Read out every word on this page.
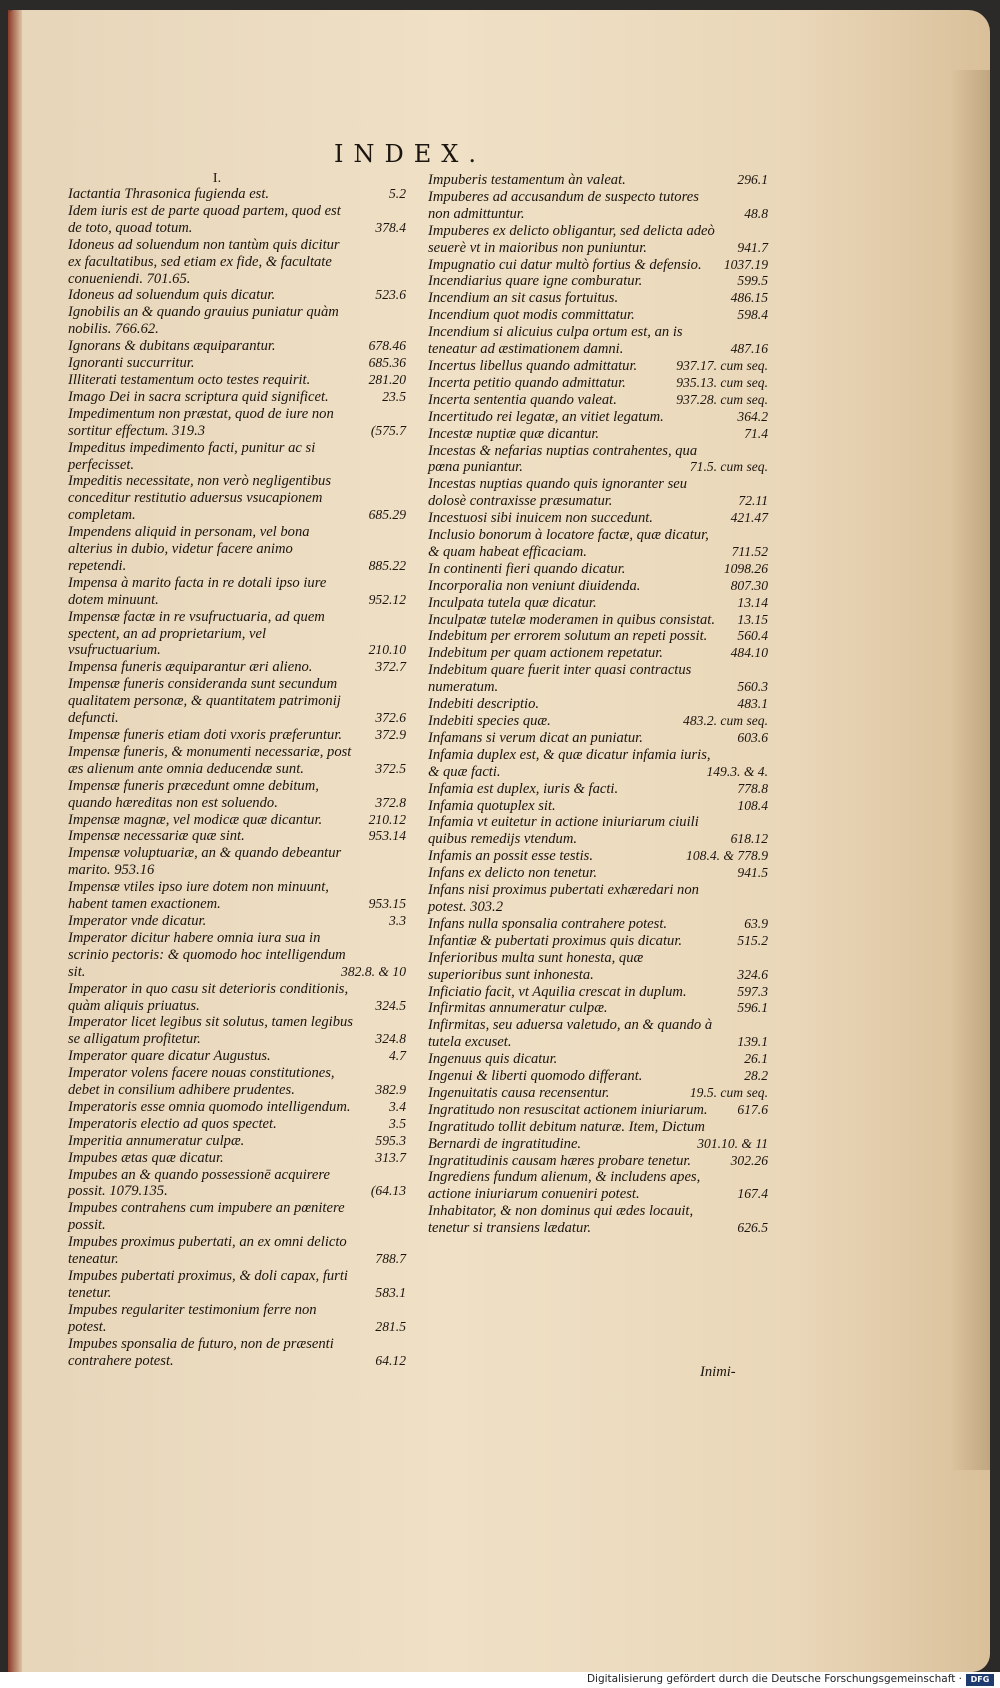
INDEX.
I.
Iactantia Thrasonica fugienda est.	5.2
Idem iuris est de parte quoad partem, quod est de toto, quoad totum.	378.4
Idoneus ad soluendum non tantùm quis dicitur ex facultatibus, sed etiam ex fide, & facultate conueniendi. 701.65.
Idoneus ad soluendum quis dicatur.	523.6
Ignobilis an & quando grauius puniatur quàm nobilis. 766.62.
Ignorans & dubitans æquiparantur.	678.46
Ignoranti succurritur.	685.36
Illiterati testamentum octo testes requirit.	281.20
Imago Dei in sacra scriptura quid significet.	23.5
Impedimentum non præstat, quod de iure non sortitur effectum. 319.3	(575.7
Impeditus impedimento facti, punitur ac si perfecisset.
Impeditis necessitate, non verò negligentibus conceditur restitutio aduersus vsucapionem completam.	685.29
Impendens aliquid in personam, vel bona alterius in dubio, videtur facere animo repetendi.	885.22
Impensa à marito facta in re dotali ipso iure dotem minuunt.	952.12
Impensæ factæ in re vsufructuaria, ad quem spectent, an ad proprietarium, vel vsufructuarium.	210.10
Impensa funeris æquiparantur æri alieno.	372.7
Impensæ funeris consideranda sunt secundum qualitatem personæ, & quantitatem patrimonij defuncti.	372.6
Impensæ funeris etiam doti vxoris præferuntur.	372.9
Impensæ funeris, & monumenti necessariæ, post æs alienum ante omnia deducendæ sunt.	372.5
Impensæ funeris præcedunt omne debitum, quando hæreditas non est soluendo.	372.8
Impensæ magnæ, vel modicæ quæ dicantur.	210.12
Impensæ necessariæ quæ sint.	953.14
Impensæ voluptuariæ, an & quando debeantur marito. 953.16
Impensæ vtiles ipso iure dotem non minuunt, habent tamen exactionem.	953.15
Imperator vnde dicatur.	3.3
Imperator dicitur habere omnia iura sua in scrinio pectoris: & quomodo hoc intelligendum sit.	382.8. & 10
Imperator in quo casu sit deterioris conditionis, quàm aliquis priuatus.	324.5
Imperator licet legibus sit solutus, tamen legibus se alligatum profitetur.	324.8
Imperator quare dicatur Augustus.	4.7
Imperator volens facere nouas constitutiones, debet in consilium adhibere prudentes.	382.9
Imperatoris esse omnia quomodo intelligendum.	3.4
Imperatoris electio ad quos spectet.	3.5
Imperitia annumeratur culpæ.	595.3
Impubes ætas quæ dicatur.	313.7
Impubes an & quando possessionē acquirere possit. 1079.135.	(64.13
Impubes contrahens cum impubere an pœnitere possit.
Impubes proximus pubertati, an ex omni delicto teneatur.	788.7
Impubes pubertati proximus, & doli capax, furti tenetur.	583.1
Impubes regulariter testimonium ferre non potest.	281.5
Impubes sponsalia de futuro, non de præsenti contrahere potest.	64.12
Impuberis testamentum àn valeat.	296.1
Impuberes ad accusandum de suspecto tutores non admittuntur.	48.8
Impuberes ex delicto obligantur, sed delicta adeò seuerè vt in maioribus non puniuntur.	941.7
Impugnatio cui datur multò fortius & defensio.	1037.19
Incendiarius quare igne comburatur.	599.5
Incendium an sit casus fortuitus.	486.15
Incendium quot modis committatur.	598.4
Incendium si alicuius culpa ortum est, an is teneatur ad æstimationem damni.	487.16
Incertus libellus quando admittatur.	937.17. cum seq.
Incerta petitio quando admittatur.	935.13. cum seq.
Incerta sententia quando valeat.	937.28. cum seq.
Incertitudo rei legatæ, an vitiet legatum.	364.2
Incestæ nuptiæ quæ dicantur.	71.4
Incestas & nefarias nuptias contrahentes, qua pœna puniantur.	71.5. cum seq.
Incestas nuptias quando quis ignoranter seu dolosè contraxisse præsumatur.	72.11
Incestuosi sibi inuicem non succedunt.	421.47
Inclusio bonorum à locatore factæ, quæ dicatur, & quam habeat efficaciam.	711.52
In continenti fieri quando dicatur.	1098.26
Incorporalia non veniunt diuidenda.	807.30
Inculpata tutela quæ dicatur.	13.14
Inculpatæ tutelæ moderamen in quibus consistat.	13.15
Indebitum per errorem solutum an repeti possit.	560.4
Indebitum per quam actionem repetatur.	484.10
Indebitum quare fuerit inter quasi contractus numeratum.	560.3
Indebiti descriptio.	483.1
Indebiti species quæ.	483.2. cum seq.
Infamans si verum dicat an puniatur.	603.6
Infamia duplex est, & quæ dicatur infamia iuris, & quæ facti.	149.3. & 4.
Infamia est duplex, iuris & facti.	778.8
Infamia quotuplex sit.	108.4
Infamia vt euitetur in actione iniuriarum ciuili quibus remedijs vtendum.	618.12
Infamis an possit esse testis.	108.4. & 778.9
Infans ex delicto non tenetur.	941.5
Infans nisi proximus pubertati exhæredari non potest. 303.2
Infans nulla sponsalia contrahere potest.	63.9
Infantiæ & pubertati proximus quis dicatur.	515.2
Inferioribus multa sunt honesta, quæ superioribus sunt inhonesta.	324.6
Inficiatio facit, vt Aquilia crescat in duplum.	597.3
Infirmitas annumeratur culpæ.	596.1
Infirmitas, seu aduersa valetudo, an & quando à tutela excuset.	139.1
Ingenuus quis dicatur.	26.1
Ingenui & liberti quomodo differant.	28.2
Ingenuitatis causa recensentur.	19.5. cum seq.
Ingratitudo non resuscitat actionem iniuriarum.	617.6
Ingratitudo tollit debitum naturæ. Item, Dictum Bernardi de ingratitudine.	301.10. & 11
Ingratitudinis causam hæres probare tenetur.	302.26
Ingrediens fundum alienum, & includens apes, actione iniuriarum conueniri potest.	167.4
Inhabitator, & non dominus qui ædes locauit, tenetur si transiens lædatur.	626.5
Inimi-
Digitalisierung gefördert durch die Deutsche Forschungsgemeinschaft ·	DFG
